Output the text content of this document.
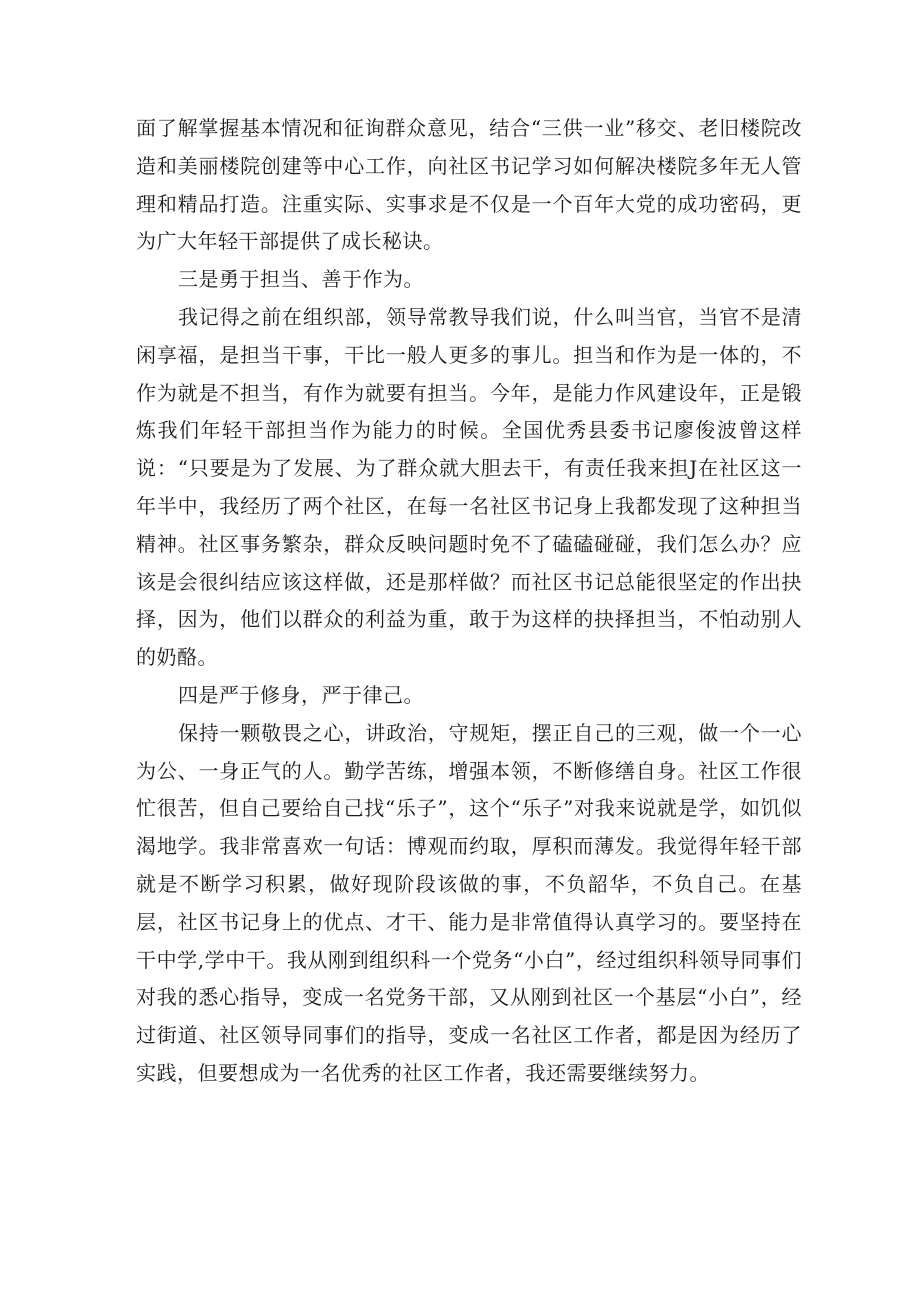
面了解掌握基本情况和征询群众意见，结合“三供一业”移交、老旧楼院改造和美丽楼院创建等中心工作，向社区书记学习如何解决楼院多年无人管理和精品打造。注重实际、实事求是不仅是一个百年大党的成功密码，更为广大年轻干部提供了成长秘诀。

三是勇于担当、善于作为。

我记得之前在组织部，领导常教导我们说，什么叫当官，当官不是清闲享福，是担当干事，干比一般人更多的事儿。担当和作为是一体的，不作为就是不担当，有作为就要有担当。今年，是能力作风建设年，正是锻炼我们年轻干部担当作为能力的时候。全国优秀县委书记廖俊波曾这样说：“只要是为了发展、为了群众就大胆去干，有责任我来担J在社区这一年半中，我经历了两个社区，在每一名社区书记身上我都发现了这种担当精神。社区事务繁杂，群众反映问题时免不了磕磕碰碰，我们怎么办？应该是会很纠结应该这样做，还是那样做？而社区书记总能很坚定的作出抉择，因为，他们以群众的利益为重，敢于为这样的抉择担当，不怕动别人的奶酪。

四是严于修身，严于律己。

保持一颗敬畏之心，讲政治，守规矩，摆正自己的三观，做一个一心为公、一身正气的人。勤学苦练，增强本领，不断修缮自身。社区工作很忙很苦，但自己要给自己找“乐子”，这个“乐子”对我来说就是学，如饥似渴地学。我非常喜欢一句话：博观而约取，厚积而薄发。我觉得年轻干部就是不断学习积累，做好现阶段该做的事，不负韶华，不负自己。在基层，社区书记身上的优点、才干、能力是非常值得认真学习的。要坚持在干中学,学中干。我从刚到组织科一个党务“小白”，经过组织科领导同事们对我的悉心指导，变成一名党务干部，又从刚到社区一个基层“小白”，经过街道、社区领导同事们的指导，变成一名社区工作者，都是因为经历了实践，但要想成为一名优秀的社区工作者，我还需要继续努力。
